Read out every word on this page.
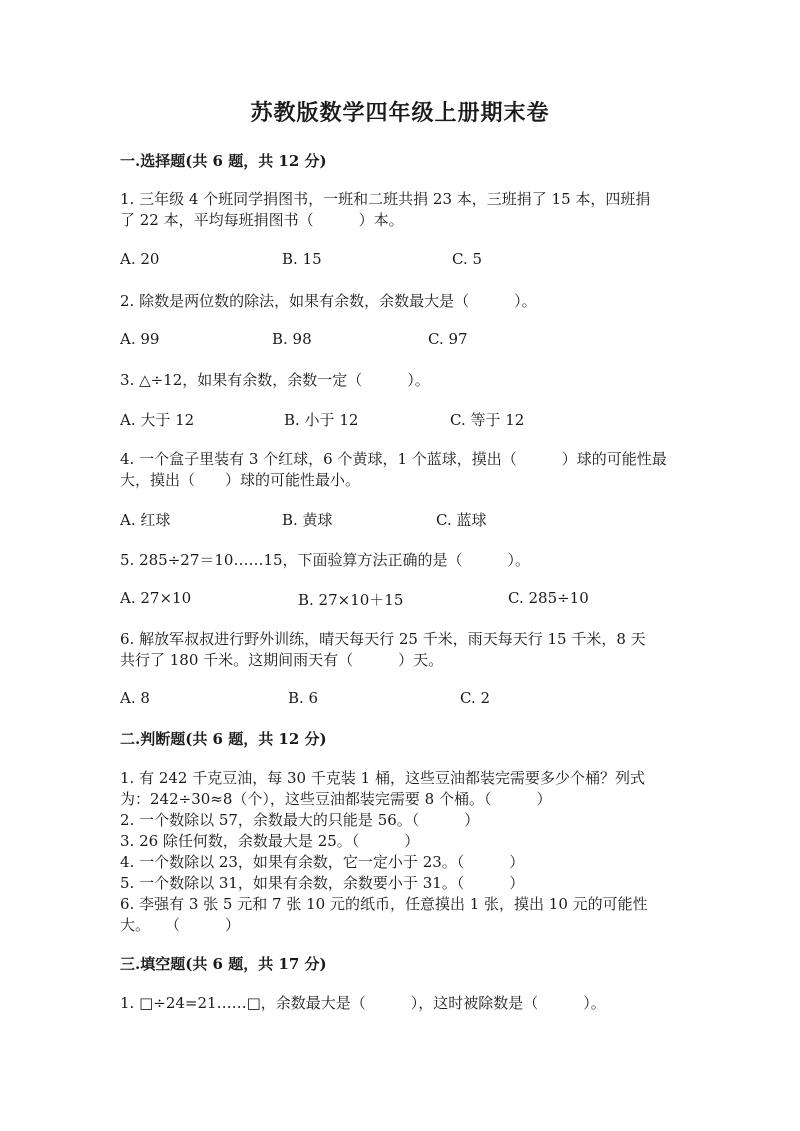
苏教版数学四年级上册期末卷
一.选择题(共 6 题，共 12 分)
1. 三年级 4 个班同学捐图书，一班和二班共捐 23 本，三班捐了 15 本，四班捐
了 22 本，平均每班捐图书（　　　）本。
A. 20	B. 15	C. 5
2. 除数是两位数的除法，如果有余数，余数最大是（　　　）。
A. 99	B. 98	C. 97
3. △÷12，如果有余数，余数一定（　　　）。
A. 大于 12	B. 小于 12	C. 等于 12
4. 一个盒子里装有 3 个红球，6 个黄球，1 个蓝球，摸出（　　　）球的可能性最
大，摸出（　　）球的可能性最小。
A. 红球	B. 黄球	C. 蓝球
5. 285÷27＝10……15，下面验算方法正确的是（　　　）。
A. 27×10	B. 27×10＋15	C. 285÷10
6. 解放军叔叔进行野外训练，晴天每天行 25 千米，雨天每天行 15 千米，8 天
共行了 180 千米。这期间雨天有（　　　）天。
A. 8	B. 6	C. 2
二.判断题(共 6 题，共 12 分)
1. 有 242 千克豆油，每 30 千克装 1 桶，这些豆油都装完需要多少个桶？列式
为：242÷30≈8（个），这些豆油都装完需要 8 个桶。（　　　）
2. 一个数除以 57，余数最大的只能是 56。（　　　）
3. 26 除任何数，余数最大是 25。（　　　）
4. 一个数除以 23，如果有余数，它一定小于 23。（　　　）
5. 一个数除以 31，如果有余数，余数要小于 31。（　　　）
6. 李强有 3 张 5 元和 7 张 10 元的纸币，任意摸出 1 张，摸出 10 元的可能性
大。　　（　　　）
三.填空题(共 6 题，共 17 分)
1. □÷24=21……□，余数最大是（　　　），这时被除数是（　　　）。
